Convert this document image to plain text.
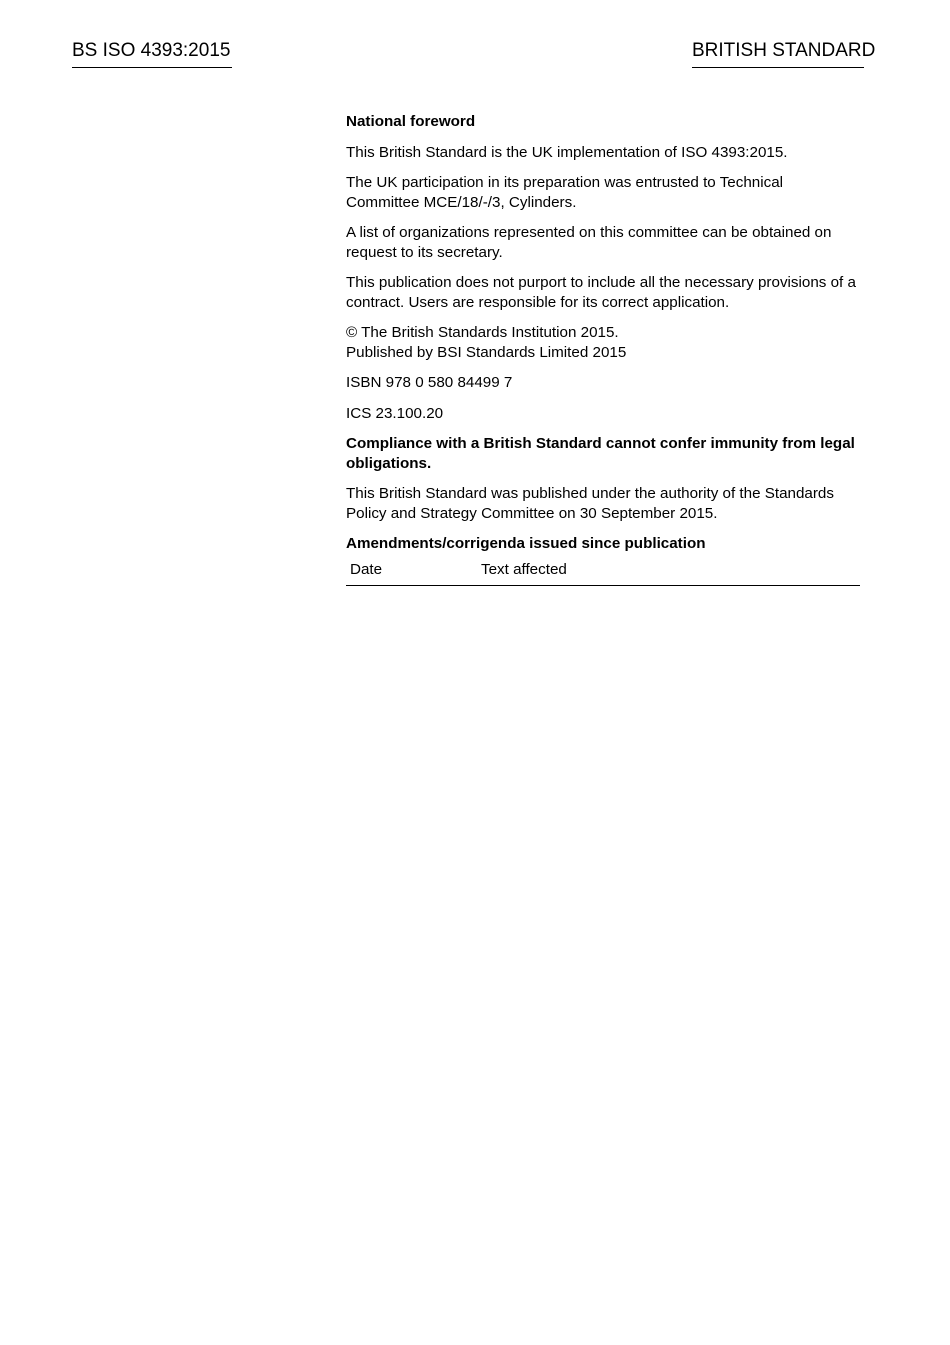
BS ISO 4393:2015	BRITISH STANDARD

National foreword

This British Standard is the UK implementation of ISO 4393:2015.

The UK participation in its preparation was entrusted to Technical Committee MCE/18/-/3, Cylinders.

A list of organizations represented on this committee can be obtained on request to its secretary.

This publication does not purport to include all the necessary provisions of a contract. Users are responsible for its correct application.

© The British Standards Institution 2015.
Published by BSI Standards Limited 2015

ISBN 978 0 580 84499 7

ICS 23.100.20

Compliance with a British Standard cannot confer immunity from legal obligations.

This British Standard was published under the authority of the Standards Policy and Strategy Committee on 30 September 2015.

Amendments/corrigenda issued since publication
Date	Text affected
